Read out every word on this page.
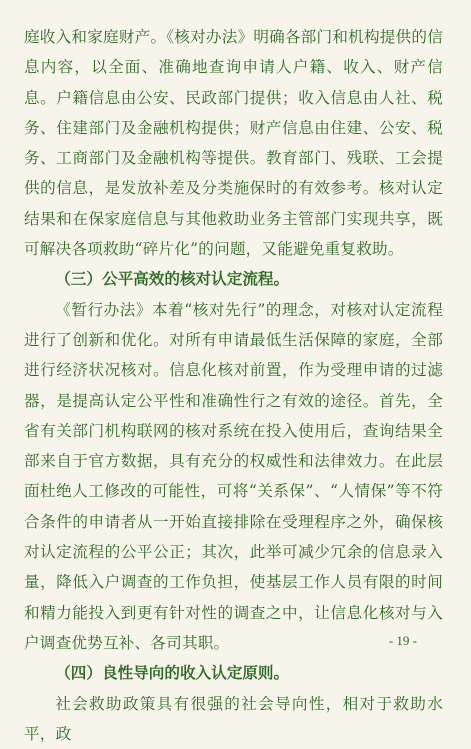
庭收入和家庭财产。《核对办法》明确各部门和机构提供的信息内容，以全面、准确地查询申请人户籍、收入、财产信息。户籍信息由公安、民政部门提供；收入信息由人社、税务、住建部门及金融机构提供；财产信息由住建、公安、税务、工商部门及金融机构等提供。教育部门、残联、工会提供的信息，是发放补差及分类施保时的有效参考。核对认定结果和在保家庭信息与其他救助业务主管部门实现共享，既可解决各项救助“碎片化”的问题，又能避免重复救助。

（三）公平高效的核对认定流程。

《暂行办法》本着“核对先行”的理念，对核对认定流程进行了创新和优化。对所有申请最低生活保障的家庭，全部进行经济状况核对。信息化核对前置，作为受理申请的过滤器，是提高认定公平性和准确性行之有效的途径。首先，全省有关部门机构联网的核对系统在投入使用后，查询结果全部来自于官方数据，具有充分的权威性和法律效力。在此层面杜绝人工修改的可能性，可将“关系保”、“人情保”等不符合条件的申请者从一开始直接排除在受理程序之外，确保核对认定流程的公平公正；其次，此举可减少冗余的信息录入量，降低入户调查的工作负担，使基层工作人员有限的时间和精力能投入到更有针对性的调查之中，让信息化核对与入户调查优势互补、各司其职。

（四）良性导向的收入认定原则。

社会救助政策具有很强的社会导向性，相对于救助水平，政

- 19 -
